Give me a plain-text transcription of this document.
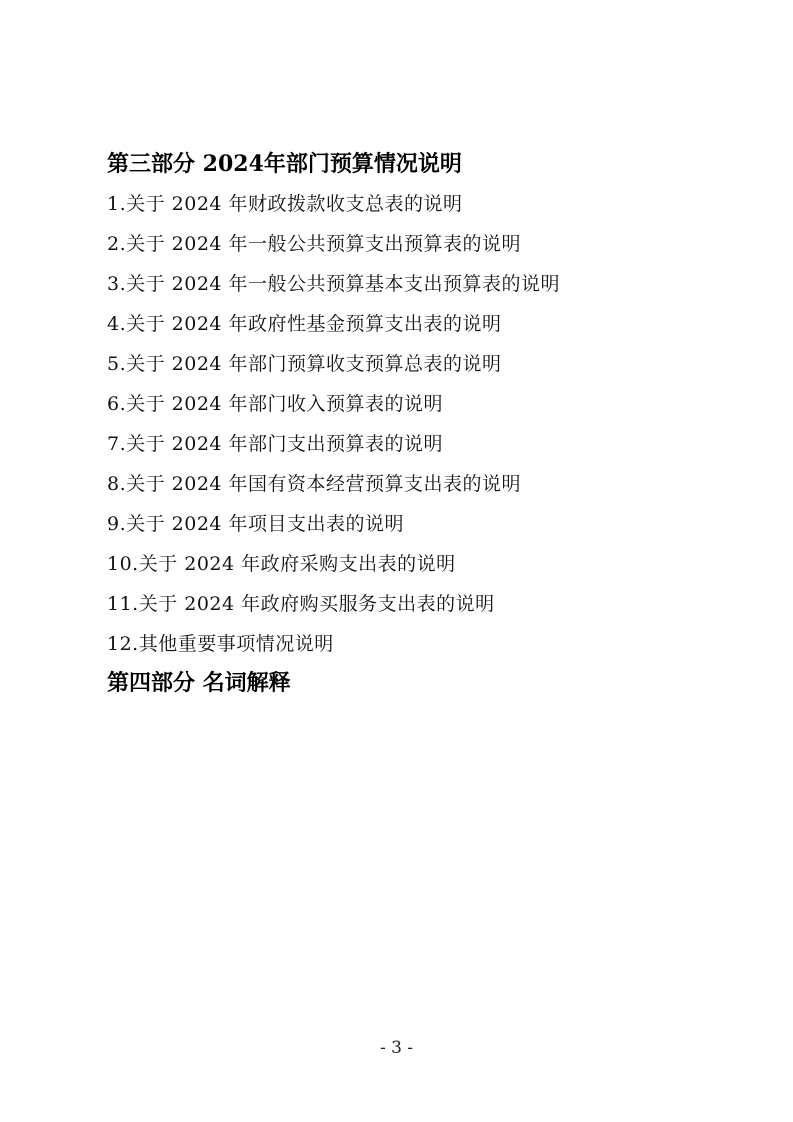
第三部分 2024年部门预算情况说明
1.关于 2024 年财政拨款收支总表的说明
2.关于 2024 年一般公共预算支出预算表的说明
3.关于 2024 年一般公共预算基本支出预算表的说明
4.关于 2024 年政府性基金预算支出表的说明
5.关于 2024 年部门预算收支预算总表的说明
6.关于 2024 年部门收入预算表的说明
7.关于 2024 年部门支出预算表的说明
8.关于 2024 年国有资本经营预算支出表的说明
9.关于 2024 年项目支出表的说明
10.关于 2024 年政府采购支出表的说明
11.关于 2024 年政府购买服务支出表的说明
12.其他重要事项情况说明
第四部分 名词解释
- 3 -
